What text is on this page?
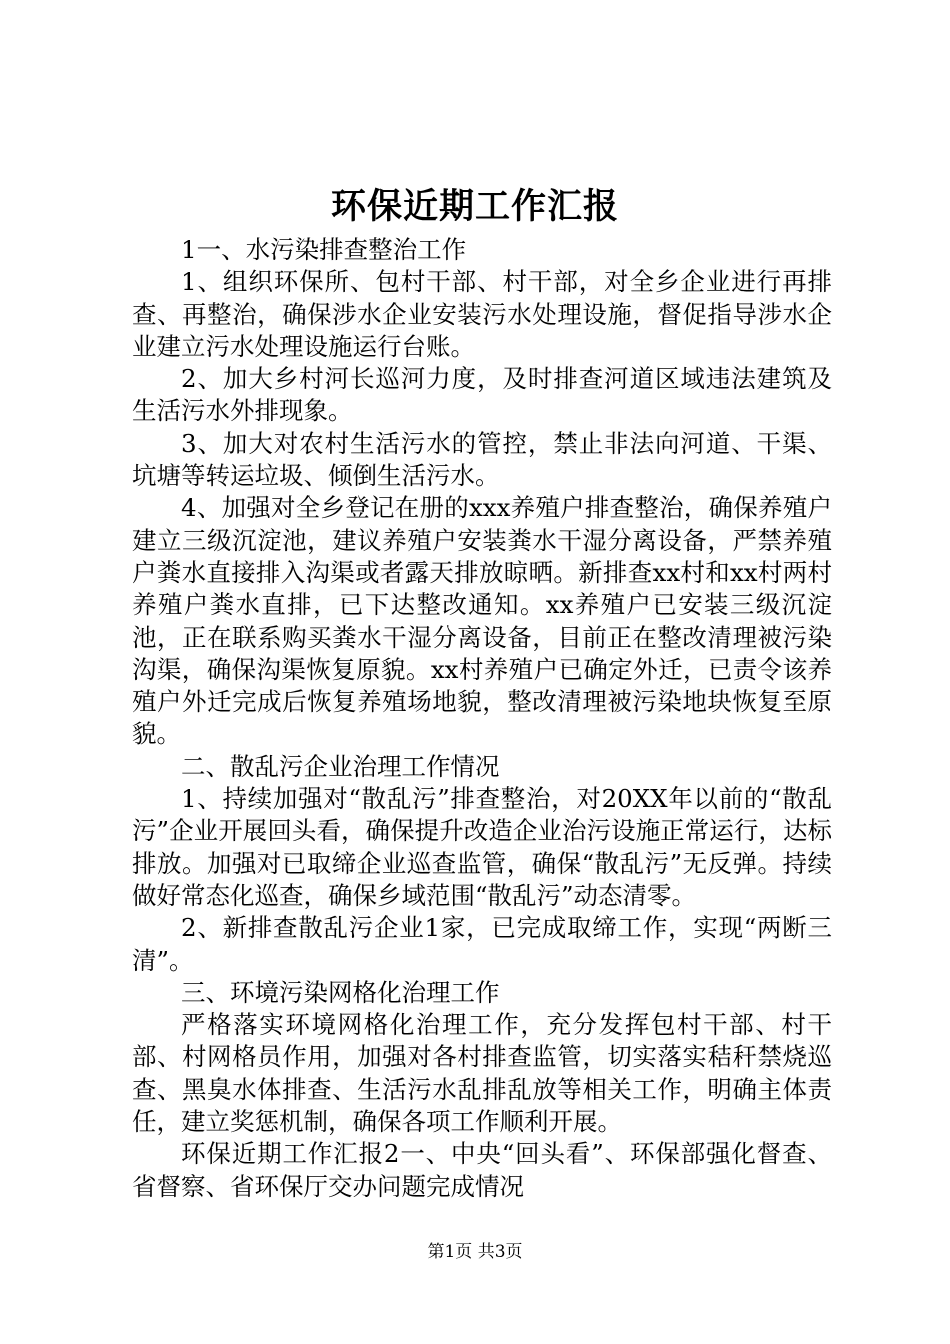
环保近期工作汇报

1一、水污染排查整治工作

1、组织环保所、包村干部、村干部，对全乡企业进行再排查、再整治，确保涉水企业安装污水处理设施，督促指导涉水企业建立污水处理设施运行台账。

2、加大乡村河长巡河力度，及时排查河道区域违法建筑及生活污水外排现象。

3、加大对农村生活污水的管控，禁止非法向河道、干渠、坑塘等转运垃圾、倾倒生活污水。

4、加强对全乡登记在册的xxx养殖户排查整治，确保养殖户建立三级沉淀池，建议养殖户安装粪水干湿分离设备，严禁养殖户粪水直接排入沟渠或者露天排放晾晒。新排查xx村和xx村两村养殖户粪水直排，已下达整改通知。xx养殖户已安装三级沉淀池，正在联系购买粪水干湿分离设备，目前正在整改清理被污染沟渠，确保沟渠恢复原貌。xx村养殖户已确定外迁，已责令该养殖户外迁完成后恢复养殖场地貌，整改清理被污染地块恢复至原貌。

二、散乱污企业治理工作情况

1、持续加强对“散乱污”排查整治，对20XX年以前的“散乱污”企业开展回头看，确保提升改造企业治污设施正常运行，达标排放。加强对已取缔企业巡查监管，确保“散乱污”无反弹。持续做好常态化巡查，确保乡域范围“散乱污”动态清零。

2、新排查散乱污企业1家，已完成取缔工作，实现“两断三清”。

三、环境污染网格化治理工作

严格落实环境网格化治理工作，充分发挥包村干部、村干部、村网格员作用，加强对各村排查监管，切实落实秸秆禁烧巡查、黑臭水体排查、生活污水乱排乱放等相关工作，明确主体责任，建立奖惩机制，确保各项工作顺利开展。

环保近期工作汇报2一、中央“回头看”、环保部强化督查、省督察、省环保厅交办问题完成情况

第1页 共3页
